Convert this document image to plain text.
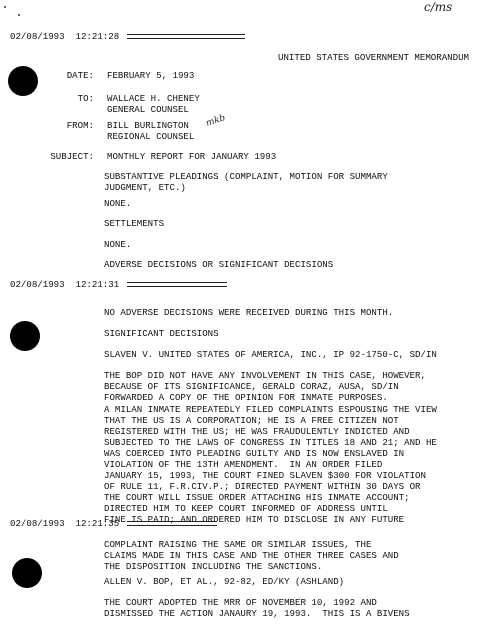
c/ms
02/08/1993 12:21:28
UNITED STATES GOVERNMENT MEMORANDUM
DATE: FEBRUARY 5, 1993
TO: WALLACE H. CHENEY
GENERAL COUNSEL
FROM: BILL BURLINGTON
REGIONAL COUNSEL
mkb
SUBJECT: MONTHLY REPORT FOR JANUARY 1993
SUBSTANTIVE PLEADINGS (COMPLAINT, MOTION FOR SUMMARY
JUDGMENT, ETC.)
NONE.
SETTLEMENTS
NONE.
ADVERSE DECISIONS OR SIGNIFICANT DECISIONS
02/08/1993 12:21:31
NO ADVERSE DECISIONS WERE RECEIVED DURING THIS MONTH.
SIGNIFICANT DECISIONS
SLAVEN V. UNITED STATES OF AMERICA, INC., IP 92-1750-C, SD/IN
THE BOP DID NOT HAVE ANY INVOLVEMENT IN THIS CASE, HOWEVER,
BECAUSE OF ITS SIGNIFICANCE, GERALD CORAZ, AUSA, SD/IN
FORWARDED A COPY OF THE OPINION FOR INMATE PURPOSES.
A MILAN INMATE REPEATEDLY FILED COMPLAINTS ESPOUSING THE VIEW
THAT THE US IS A CORPORATION; HE IS A FREE CITIZEN NOT
REGISTERED WITH THE US; HE WAS FRAUDULENTLY INDICTED AND
SUBJECTED TO THE LAWS OF CONGRESS IN TITLES 18 AND 21; AND HE
WAS COERCED INTO PLEADING GUILTY AND IS NOW ENSLAVED IN
VIOLATION OF THE 13TH AMENDMENT.  IN AN ORDER FILED
JANUARY 15, 1993, THE COURT FINED SLAVEN $300 FOR VIOLATION
OF RULE 11, F.R.CIV.P.; DIRECTED PAYMENT WITHIN 30 DAYS OR
THE COURT WILL ISSUE ORDER ATTACHING HIS INMATE ACCOUNT;
DIRECTED HIM TO KEEP COURT INFORMED OF ADDRESS UNTIL
FINE IS PAID; AND ORDERED HIM TO DISCLOSE IN ANY FUTURE
02/08/1993 12:21:35
COMPLAINT RAISING THE SAME OR SIMILAR ISSUES, THE
CLAIMS MADE IN THIS CASE AND THE OTHER THREE CASES AND
THE DISPOSITION INCLUDING THE SANCTIONS.
ALLEN V. BOP, ET AL., 92-82, ED/KY (ASHLAND)
THE COURT ADOPTED THE MRR OF NOVEMBER 10, 1992 AND
DISMISSED THE ACTION JANAURY 19, 1993.  THIS IS A BIVENS
